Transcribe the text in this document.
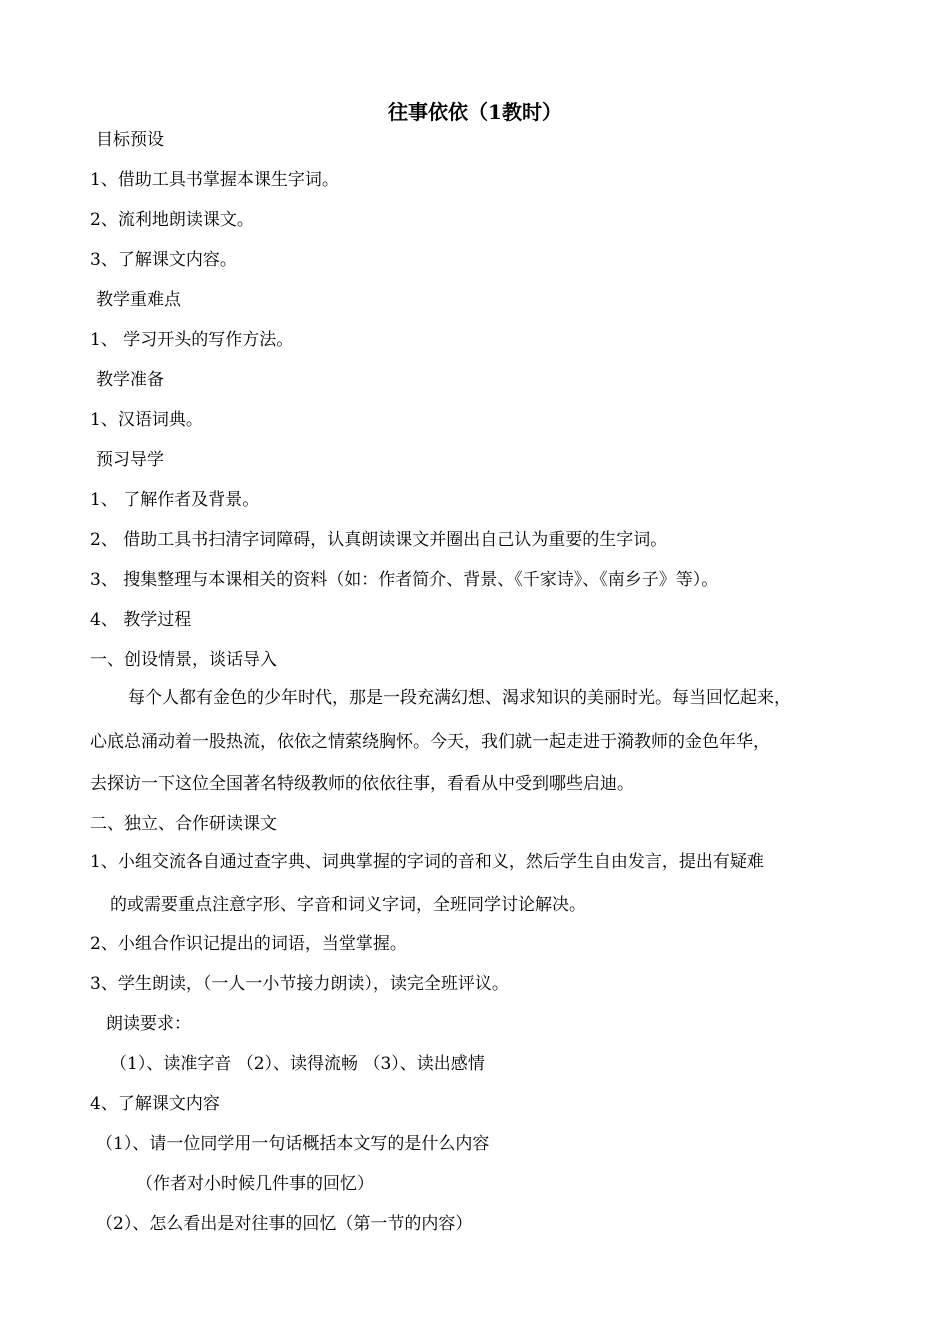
往事依依（1教时）
目标预设
1、借助工具书掌握本课生字词。
2、流利地朗读课文。
3、了解课文内容。
教学重难点
1、 学习开头的写作方法。
教学准备
1、汉语词典。
预习导学
1、 了解作者及背景。
2、 借助工具书扫清字词障碍，认真朗读课文并圈出自己认为重要的生字词。
3、 搜集整理与本课相关的资料（如：作者简介、背景、《千家诗》、《南乡子》等）。
4、 教学过程
一、创设情景，谈话导入
每个人都有金色的少年时代，那是一段充满幻想、渴求知识的美丽时光。每当回忆起来，
心底总涌动着一股热流，依依之情萦绕胸怀。今天，我们就一起走进于漪教师的金色年华，
去探访一下这位全国著名特级教师的依依往事，看看从中受到哪些启迪。
二、独立、合作研读课文
1、小组交流各自通过查字典、词典掌握的字词的音和义，然后学生自由发言，提出有疑难
的或需要重点注意字形、字音和词义字词，全班同学讨论解决。
2、小组合作识记提出的词语，当堂掌握。
3、学生朗读，（一人一小节接力朗读），读完全班评议。
朗读要求：
（1）、读准字音 （2）、读得流畅 （3）、读出感情
4、了解课文内容
（1）、请一位同学用一句话概括本文写的是什么内容
（作者对小时候几件事的回忆）
（2）、怎么看出是对往事的回忆（第一节的内容）
